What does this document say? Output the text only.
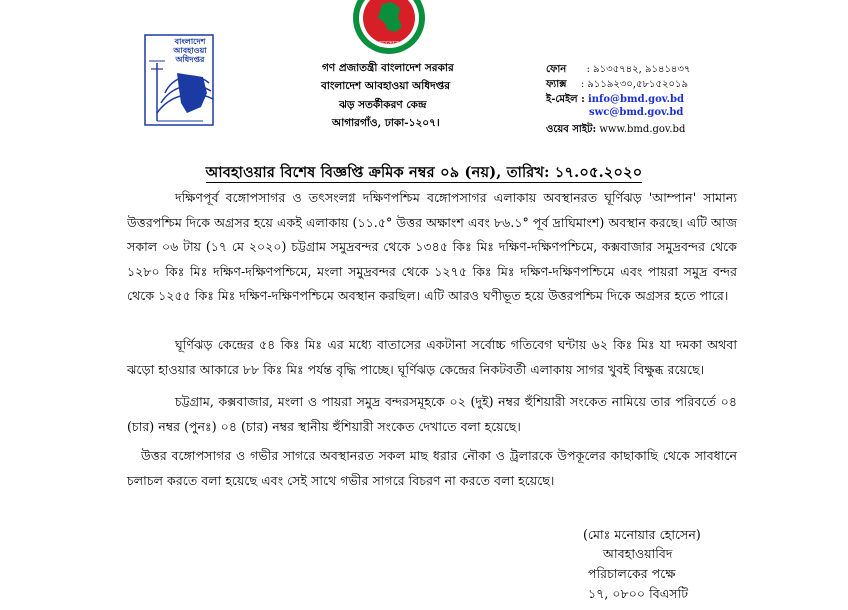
বাংলাদেশ
আবহাওয়া
অধিদপ্তর
সরকার
গণ প্রজাতন্ত্রী বাংলাদেশ সরকার
বাংলাদেশ আবহাওয়া অধিদপ্তর
ঝড় সতর্কীকরণ কেন্দ্র
আগারগাঁও, ঢাকা-১২০৭।
ফোন : ৯১৩৫৭৪২, ৯১৪১৪৩৭
ফ্যাক্স : ৯১১৯২৩০,৫৮১৫২০১৯
ই-মেইল : info@bmd.gov.bd
swc@bmd.gov.bd
ওয়েব সাইট: www.bmd.gov.bd
আবহাওয়ার বিশেষ বিজ্ঞপ্তি ক্রমিক নম্বর ০৯ (নয়), তারিখ: ১৭.০৫.২০২০
দক্ষিণপূর্ব বঙ্গোপসাগর ও তৎসংলগ্ন দক্ষিণপশ্চিম বঙ্গোপসাগর এলাকায় অবস্থানরত ঘূর্ণিঝড় 'আম্পান' সামান্য উত্তরপশ্চিম দিকে অগ্রসর হয়ে একই এলাকায় (১১.৫° উত্তর অক্ষাংশ এবং ৮৬.১° পূর্ব দ্রাঘিমাংশ) অবস্থান করছে। এটি আজ সকাল ০৬ টায় (১৭ মে ২০২০) চট্টগ্রাম সমুদ্রবন্দর থেকে ১৩৪৫ কিঃ মিঃ দক্ষিণ-দক্ষিণপশ্চিমে, কক্সবাজার সমুদ্রবন্দর থেকে ১২৮০ কিঃ মিঃ দক্ষিণ-দক্ষিণপশ্চিমে, মংলা সমুদ্রবন্দর থেকে ১২৭৫ কিঃ মিঃ দক্ষিণ-দক্ষিণপশ্চিমে এবং পায়রা সমুদ্র বন্দর থেকে ১২৫৫ কিঃ মিঃ দক্ষিণ-দক্ষিণপশ্চিমে অবস্থান করছিল। এটি আরও ঘণীভূত হয়ে উত্তরপশ্চিম দিকে অগ্রসর হতে পারে।
ঘূর্ণিঝড় কেন্দ্রের ৫৪ কিঃ মিঃ এর মধ্যে বাতাসের একটানা সর্বোচ্চ গতিবেগ ঘন্টায় ৬২ কিঃ মিঃ যা দমকা অথবা ঝড়ো হাওয়ার আকারে ৮৮ কিঃ মিঃ পর্যন্ত বৃদ্ধি পাচ্ছে। ঘূর্ণিঝড় কেন্দ্রের নিকটবর্তী এলাকায় সাগর খুবই বিক্ষুব্ধ রয়েছে।
চট্টগ্রাম, কক্সবাজার, মংলা ও পায়রা সমুদ্র বন্দরসমূহকে ০২ (দুই) নম্বর হুঁশিয়ারী সংকেত নামিয়ে তার পরিবর্তে ০৪ (চার) নম্বর (পুনঃ) ০৪ (চার) নম্বর স্থানীয় হুঁশিয়ারী সংকেত দেখাতে বলা হয়েছে।
উত্তর বঙ্গোপসাগর ও গভীর সাগরে অবস্থানরত সকল মাছ ধরার নৌকা ও ট্রলারকে উপকূলের কাছাকাছি থেকে সাবধানে চলাচল করতে বলা হয়েছে এবং সেই সাথে গভীর সাগরে বিচরণ না করতে বলা হয়েছে।
(মোঃ মনোয়ার হোসেন)
আবহাওয়াবিদ
পরিচালকের পক্ষে
১৭, ০৮০০ বিএসটি
